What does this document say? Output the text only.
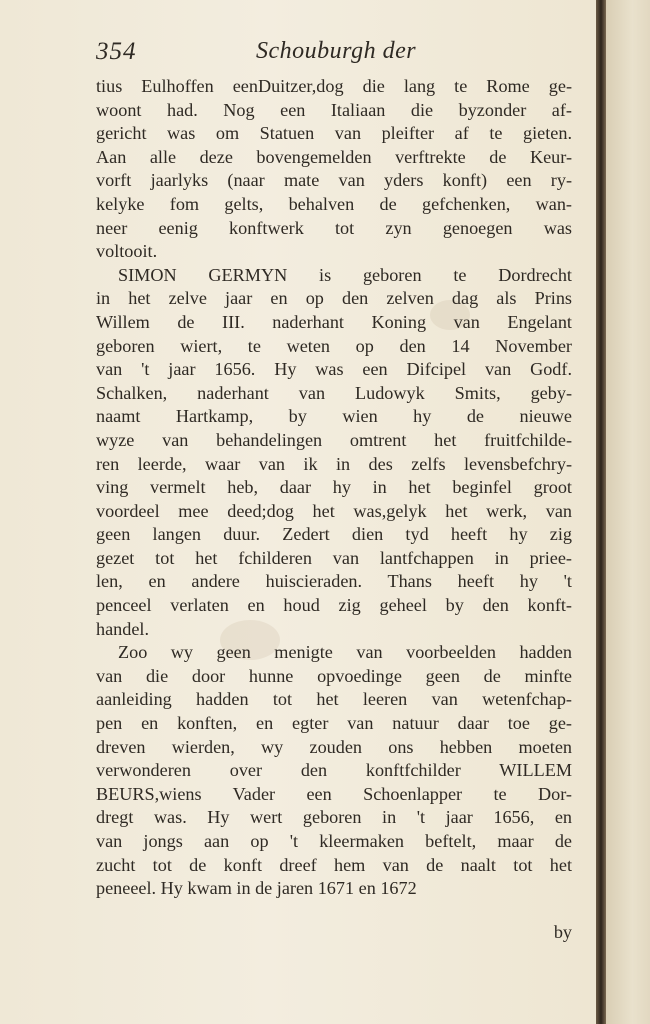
354	Schouburgh der
tius Eulhoffen eenDuitzer,dog die lang te Rome ge-
woont had. Nog een Italiaan die byzonder af-
gericht was om Statuen van pleifter af te gieten.
Aan alle deze bovengemelden verftrekte de Keur-
vorft jaarlyks (naar mate van yders konft) een ry-
kelyke fom gelts, behalven de gefchenken, wan-
neer eenig konftwerk tot zyn genoegen was
voltooit.
SIMON GERMYN is geboren te Dordrecht
in het zelve jaar en op den zelven dag als Prins
Willem de III. naderhant Koning van Engelant
geboren wiert, te weten op den 14 November
van 't jaar 1656. Hy was een Difcipel van Godf.
Schalken, naderhant van Ludowyk Smits, geby-
naamt Hartkamp, by wien hy de nieuwe
wyze van behandelingen omtrent het fruitfchilde-
ren leerde, waar van ik in des zelfs levensbefchry-
ving vermelt heb, daar hy in het beginfel groot
voordeel mee deed;dog het was,gelyk het werk, van
geen langen duur. Zedert dien tyd heeft hy zig
gezet tot het fchilderen van lantfchappen in priee-
len, en andere huiscieraden. Thans heeft hy 't
penceel verlaten en houd zig geheel by den konft-
handel.
Zoo wy geen menigte van voorbeelden hadden
van die door hunne opvoedinge geen de minfte
aanleiding hadden tot het leeren van wetenfchap-
pen en konften, en egter van natuur daar toe ge-
dreven wierden, wy zouden ons hebben moeten
verwonderen over den konftfchilder WILLEM
BEURS,wiens Vader een Schoenlapper te Dor-
dregt was. Hy wert geboren in 't jaar 1656, en
van jongs aan op 't kleermaken beftelt, maar de
zucht tot de konft dreef hem van de naalt tot het
peneeel. Hy kwam in de jaren 1671 en 1672
by
